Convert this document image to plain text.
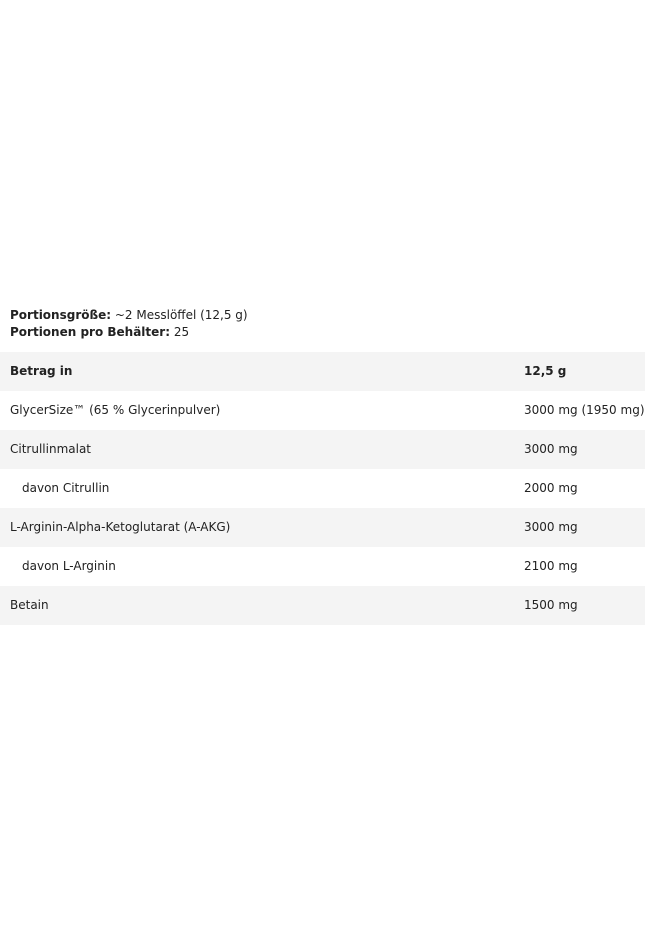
Portionsgröße: ~2 Messlöffel (12,5 g)
Portionen pro Behälter: 25
Betrag in	12,5 g
GlycerSize™ (65 % Glycerinpulver)	3000 mg (1950 mg)
Citrullinmalat	3000 mg
davon Citrullin	2000 mg
L-Arginin-Alpha-Ketoglutarat (A-AKG)	3000 mg
davon L-Arginin	2100 mg
Betain	1500 mg
